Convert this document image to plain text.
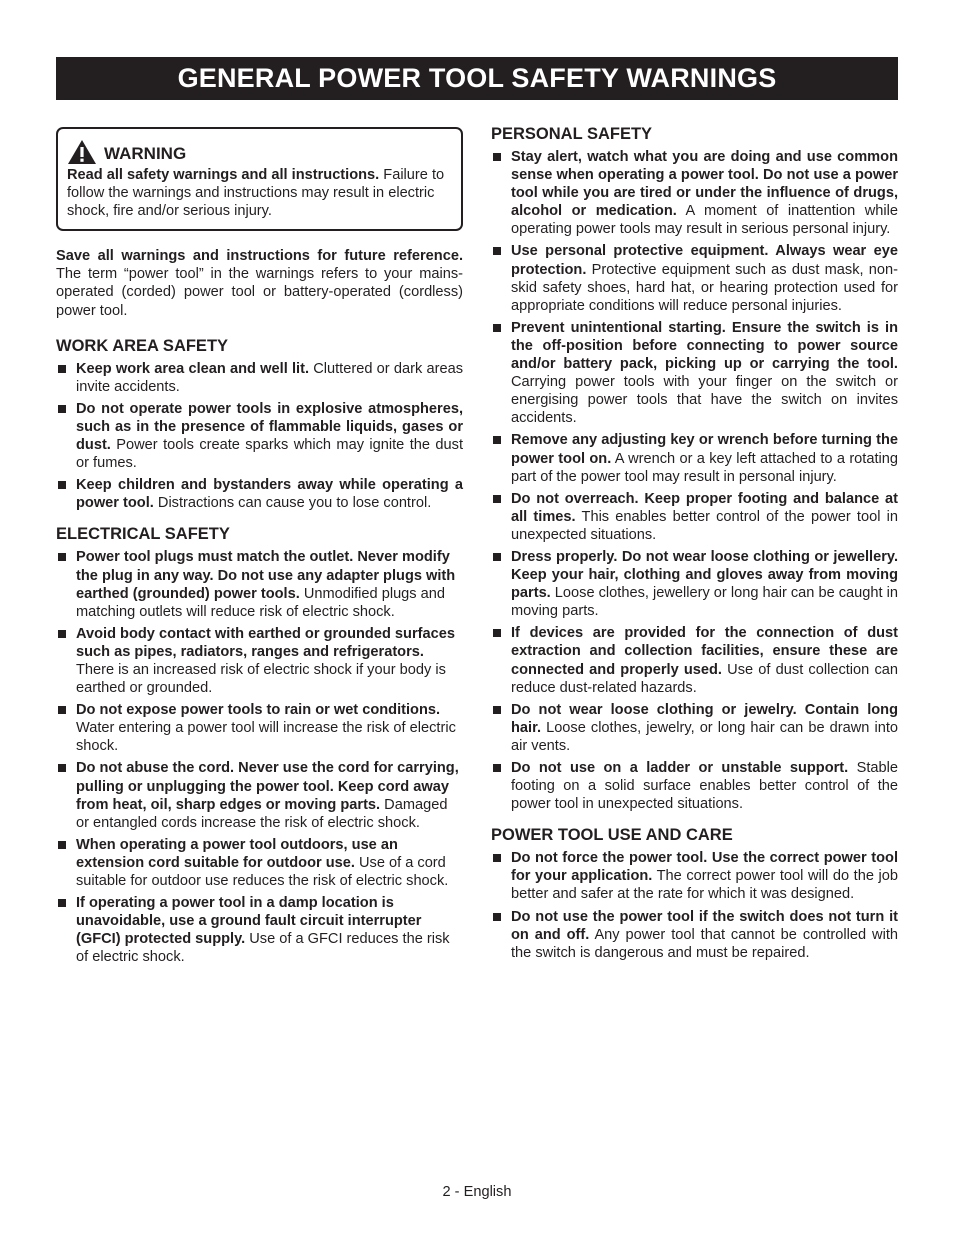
GENERAL POWER TOOL SAFETY WARNINGS
WARNING

Read all safety warnings and all instructions. Failure to follow the warnings and instructions may result in electric shock, fire and/or serious injury.

Save all warnings and instructions for future reference. The term “power tool” in the warnings refers to your mains-operated (corded) power tool or battery-operated (cordless) power tool.

WORK AREA SAFETY
Keep work area clean and well lit. Cluttered or dark areas invite accidents.
Do not operate power tools in explosive atmospheres, such as in the presence of flammable liquids, gases or dust. Power tools create sparks which may ignite the dust or fumes.
Keep children and bystanders away while operating a power tool. Distractions can cause you to lose control.
ELECTRICAL SAFETY
Power tool plugs must match the outlet. Never modify the plug in any way. Do not use any adapter plugs with earthed (grounded) power tools. Unmodified plugs and matching outlets will reduce risk of electric shock.
Avoid body contact with earthed or grounded surfaces such as pipes, radiators, ranges and refrigerators. There is an increased risk of electric shock if your body is earthed or grounded.
Do not expose power tools to rain or wet conditions. Water entering a power tool will increase the risk of electric shock.
Do not abuse the cord. Never use the cord for carrying, pulling or unplugging the power tool. Keep cord away from heat, oil, sharp edges or moving parts. Damaged or entangled cords increase the risk of electric shock.
When operating a power tool outdoors, use an extension cord suitable for outdoor use. Use of a cord suitable for outdoor use reduces the risk of electric shock.
If operating a power tool in a damp location is unavoidable, use a ground fault circuit interrupter (GFCI) protected supply. Use of a GFCI reduces the risk of electric shock.
PERSONAL SAFETY
Stay alert, watch what you are doing and use common sense when operating a power tool. Do not use a power tool while you are tired or under the influence of drugs, alcohol or medication. A moment of inattention while operating power tools may result in serious personal injury.
Use personal protective equipment. Always wear eye protection. Protective equipment such as dust mask, non-skid safety shoes, hard hat, or hearing protection used for appropriate conditions will reduce personal injuries.
Prevent unintentional starting. Ensure the switch is in the off-position before connecting to power source and/or battery pack, picking up or carrying the tool. Carrying power tools with your finger on the switch or energising power tools that have the switch on invites accidents.
Remove any adjusting key or wrench before turning the power tool on. A wrench or a key left attached to a rotating part of the power tool may result in personal injury.
Do not overreach. Keep proper footing and balance at all times. This enables better control of the power tool in unexpected situations.
Dress properly. Do not wear loose clothing or jewellery. Keep your hair, clothing and gloves away from moving parts. Loose clothes, jewellery or long hair can be caught in moving parts.
If devices are provided for the connection of dust extraction and collection facilities, ensure these are connected and properly used. Use of dust collection can reduce dust-related hazards.
Do not wear loose clothing or jewelry. Contain long hair. Loose clothes, jewelry, or long hair can be drawn into air vents.
Do not use on a ladder or unstable support. Stable footing on a solid surface enables better control of the power tool in unexpected situations.
POWER TOOL USE AND CARE
Do not force the power tool. Use the correct power tool for your application. The correct power tool will do the job better and safer at the rate for which it was designed.
Do not use the power tool if the switch does not turn it on and off. Any power tool that cannot be controlled with the switch is dangerous and must be repaired.
2 - English
